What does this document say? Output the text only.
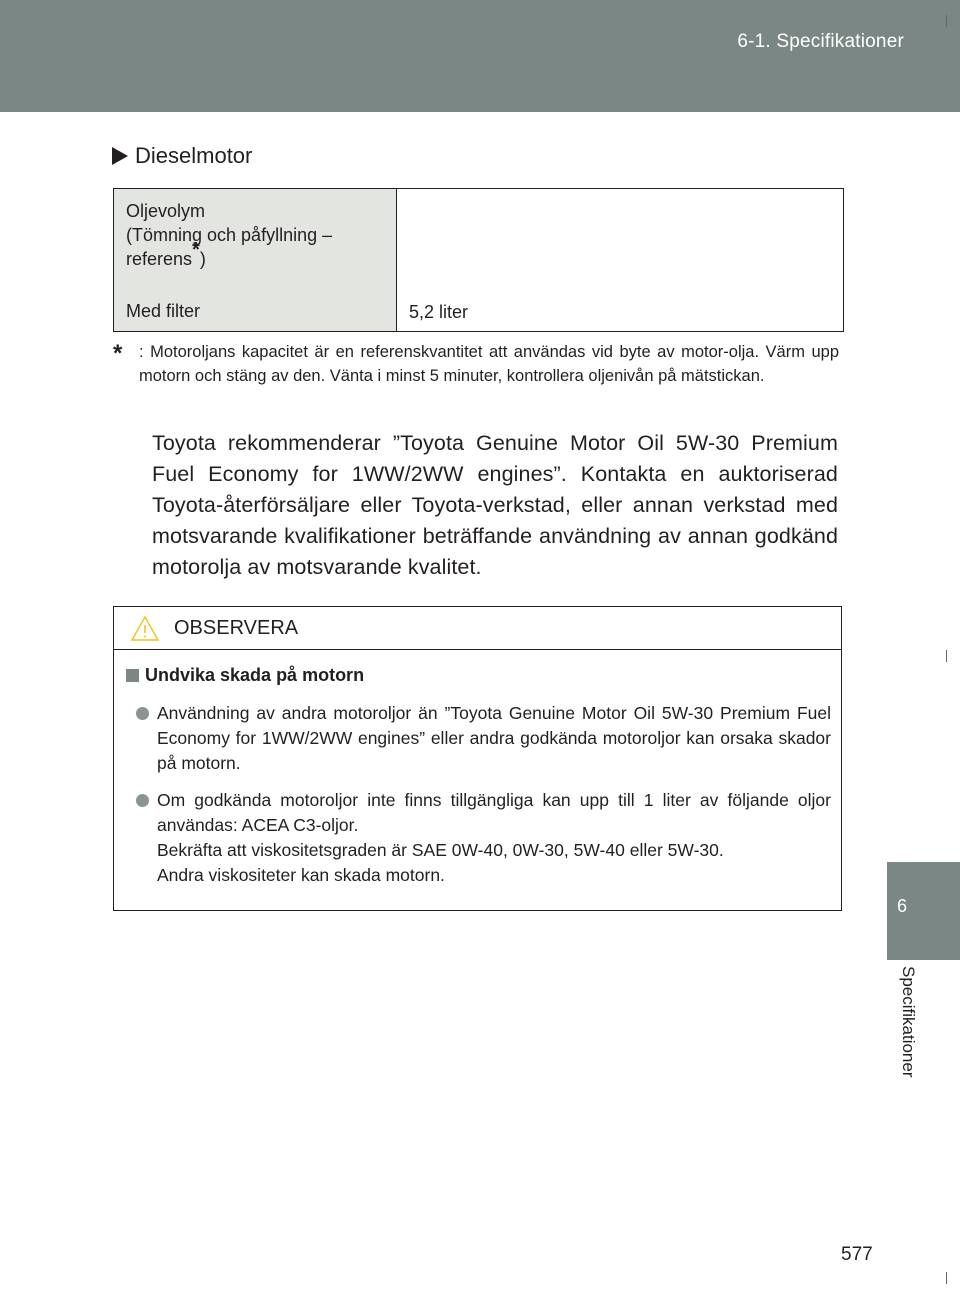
6-1. Specifikationer
6
Specifikationer
Dieselmotor
Oljevolym
(Tömning och påfyllning –
referens*)
Med filter	5,2 liter
*	: Motoroljans kapacitet är en referenskvantitet att användas vid byte av motor-olja. Värm upp motorn och stäng av den. Vänta i minst 5 minuter, kontrollera oljenivån på mätstickan.
Toyota rekommenderar ”Toyota Genuine Motor Oil 5W-30 Premium Fuel Economy for 1WW/2WW engines”. Kontakta en auktoriserad Toyota-återförsäljare eller Toyota-verkstad, eller annan verkstad med motsvarande kvalifikationer beträffande användning av annan godkänd motorolja av motsvarande kvalitet.
OBSERVERA
Undvika skada på motorn
Användning av andra motoroljor än ”Toyota Genuine Motor Oil 5W-30 Premium Fuel Economy for 1WW/2WW engines” eller andra godkända motoroljor kan orsaka skador på motorn.
Om godkända motoroljor inte finns tillgängliga kan upp till 1 liter av följande oljor användas: ACEA C3-oljor.
Bekräfta att viskositetsgraden är SAE 0W-40, 0W-30, 5W-40 eller 5W-30.
Andra viskositeter kan skada motorn.
577
